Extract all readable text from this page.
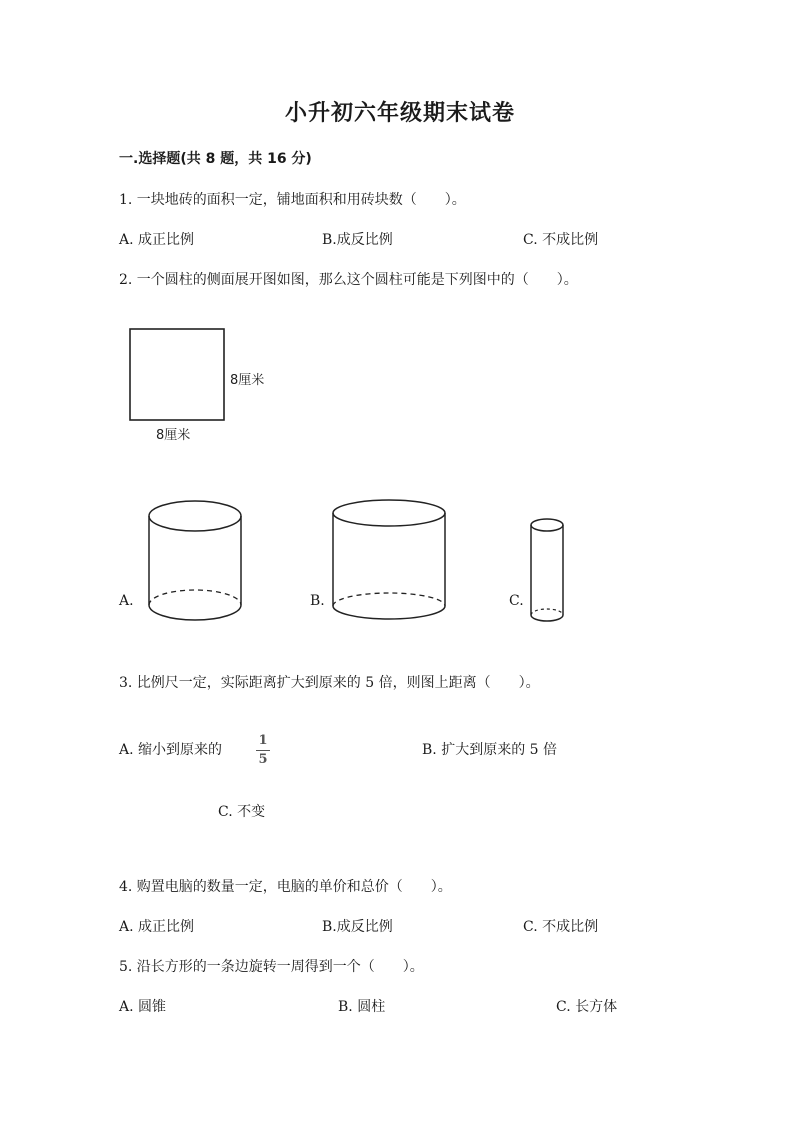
小升初六年级期末试卷
一.选择题(共 8 题，共 16 分)
1. 一块地砖的面积一定，铺地面积和用砖块数（　　）。
A. 成正比例	B.成反比例	C. 不成比例
2. 一个圆柱的侧面展开图如图，那么这个圆柱可能是下列图中的（　　）。
8厘米
8厘米
A.	B.	C.
3. 比例尺一定，实际距离扩大到原来的 5 倍，则图上距离（　　）。
A. 缩小到原来的
1
5
B. 扩大到原来的 5 倍
C. 不变
4. 购置电脑的数量一定，电脑的单价和总价（　　）。
A. 成正比例	B.成反比例	C. 不成比例
5. 沿长方形的一条边旋转一周得到一个（　　）。
A. 圆锥	B. 圆柱	C. 长方体
